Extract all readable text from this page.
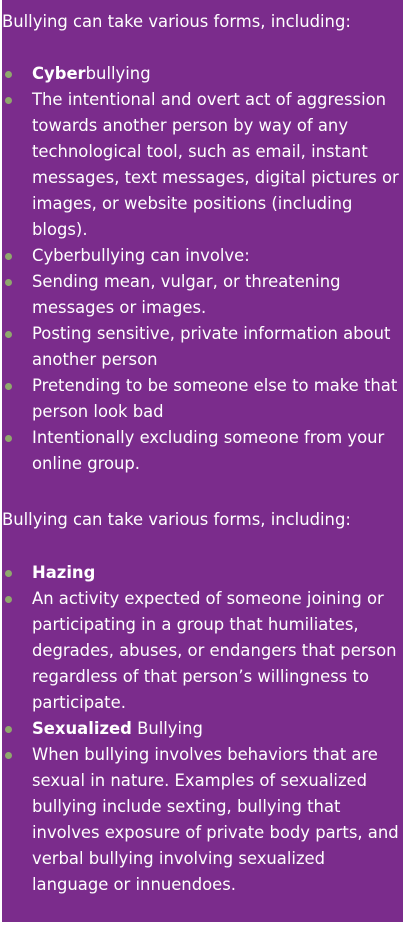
Bullying can take various forms, including:

Cyberbullying
The intentional and overt act of aggression towards another person by way of any technological tool, such as email, instant messages, text messages, digital pictures or images, or website positions (including blogs).
Cyberbullying can involve:
Sending mean, vulgar, or threatening messages or images.
Posting sensitive, private information about another person
Pretending to be someone else to make that person look bad
Intentionally excluding someone from your online group.

Bullying can take various forms, including:

Hazing
An activity expected of someone joining or participating in a group that humiliates, degrades, abuses, or endangers that person regardless of that person’s willingness to participate.
Sexualized Bullying
When bullying involves behaviors that are sexual in nature. Examples of sexualized bullying include sexting, bullying that involves exposure of private body parts, and verbal bullying involving sexualized language or innuendoes.
